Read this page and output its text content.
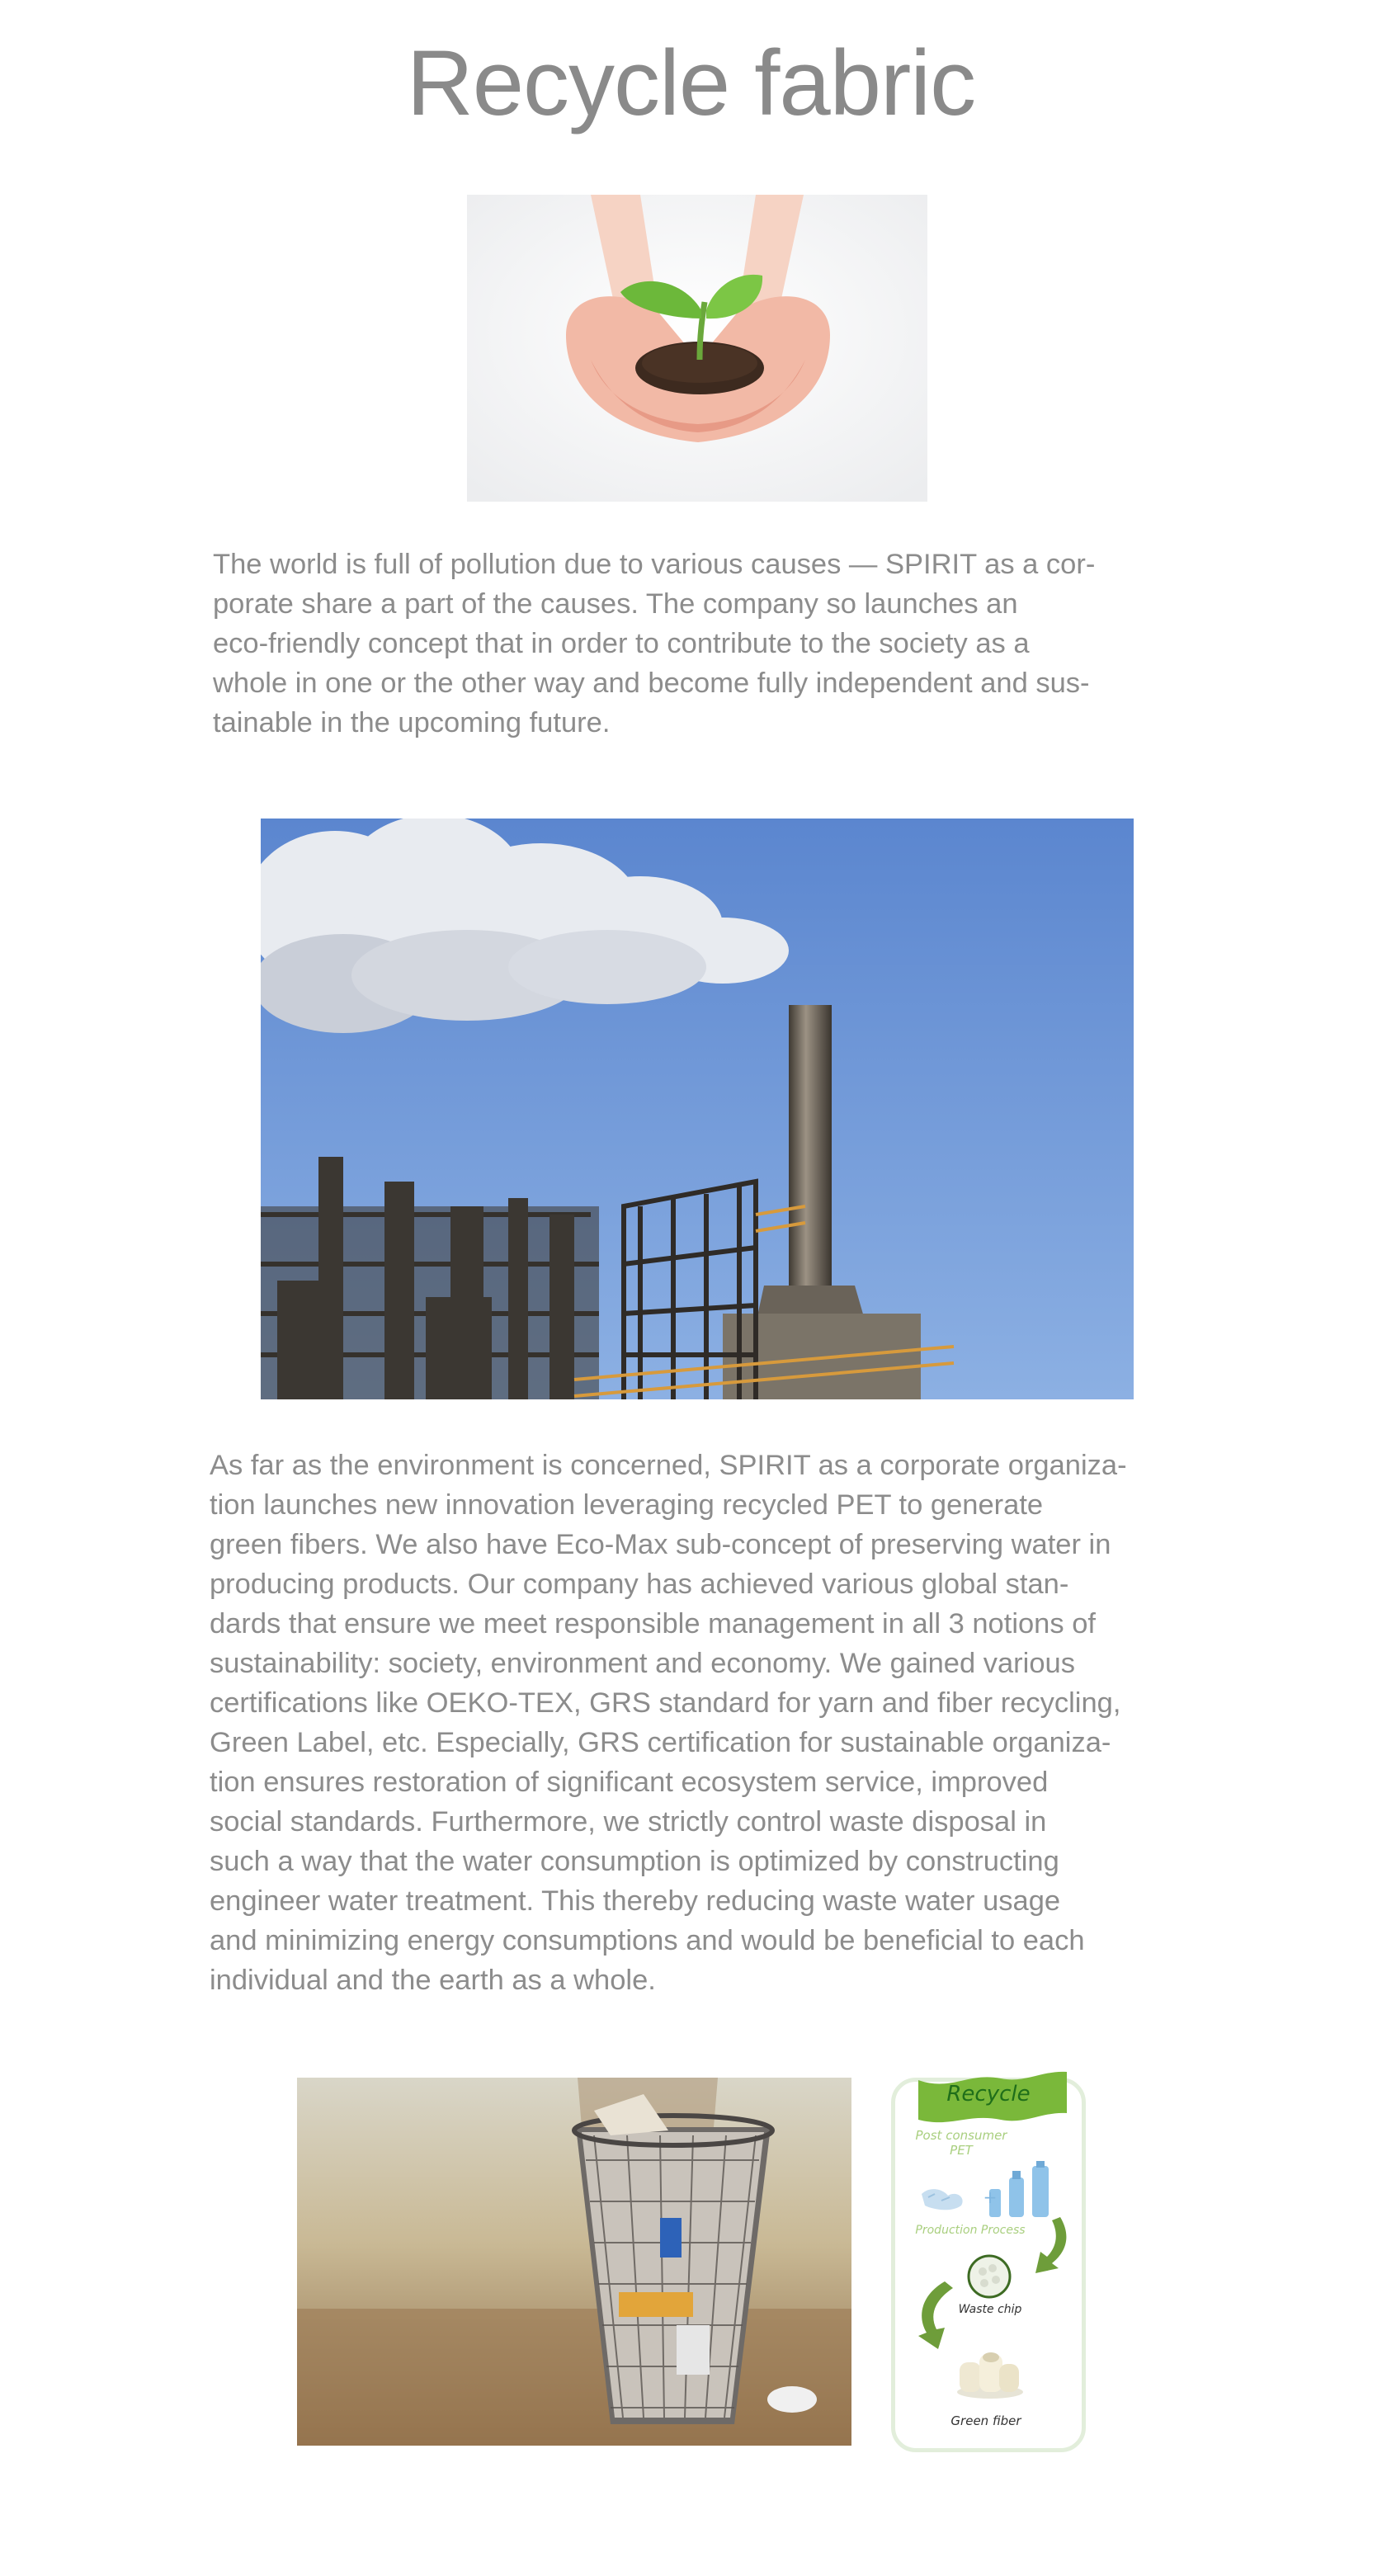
Recycle fabric

The world is full of pollution due to various causes — SPIRIT as a cor-
porate share a part of the causes. The company so launches an
eco-friendly concept that in order to contribute to the society as a
whole in one or the other way and become fully independent and sus-
tainable in the upcoming future.

As far as the environment is concerned, SPIRIT as a corporate organiza-
tion launches new innovation leveraging recycled PET to generate
green fibers. We also have Eco-Max sub-concept of preserving water in
producing products. Our company has achieved various global stan-
dards that ensure we meet responsible management in all 3 notions of
sustainability: society, environment and economy. We gained various
certifications like OEKO-TEX, GRS standard for yarn and fiber recycling,
Green Label, etc. Especially, GRS certification for sustainable organiza-
tion ensures restoration of significant ecosystem service, improved
social standards. Furthermore, we strictly control waste disposal in
such a way that the water consumption is optimized by constructing
engineer water treatment. This thereby reducing waste water usage
and minimizing energy consumptions and would be beneficial to each
individual and the earth as a whole.

Recycle
Post consumer
PET
+
Production Process
Waste chip
Green fiber
